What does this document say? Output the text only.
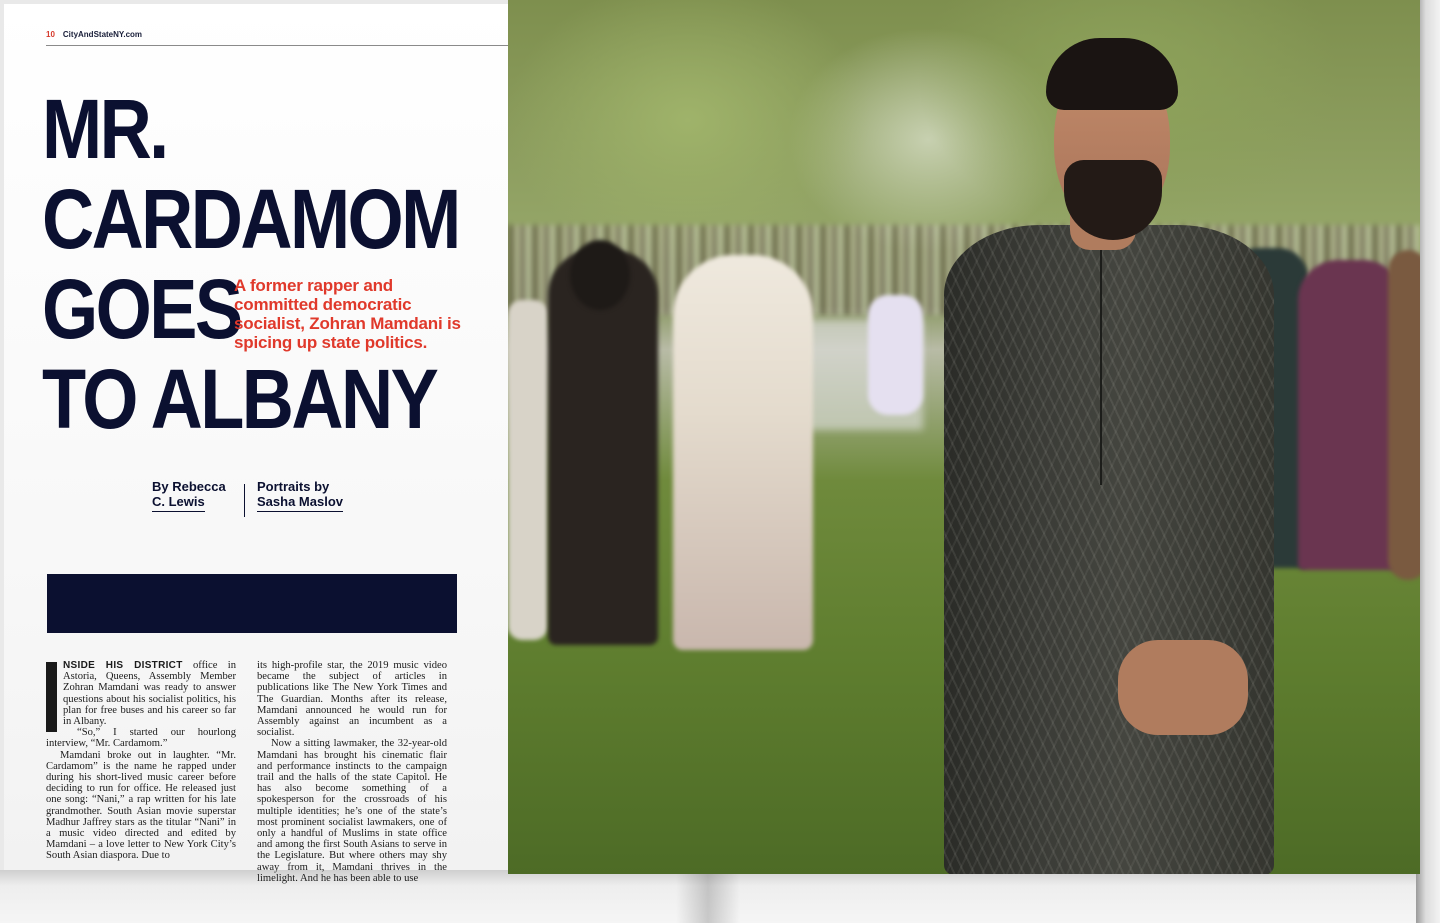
10 CityAndStateNY.com
MR.
CARDAMOM
GOES
TO ALBANY
A former rapper and committed democratic socialist, Zohran Mamdani is spicing up state politics.
By Rebecca
C. Lewis
Portraits by
Sasha Maslov

NSIDE HIS DISTRICT office in Astoria, Queens, Assembly Member Zohran Mamdani was ready to answer questions about his socialist politics, his plan for free buses and his career so far in Albany.

“So,” I started our hourlong interview, “Mr. Cardamom.”

Mamdani broke out in laughter. “Mr. Cardamom” is the name he rapped under during his short-lived music career before deciding to run for office. He released just one song: “Nani,” a rap written for his late grandmother. South Asian movie superstar Madhur Jaffrey stars as the titular “Nani” in a music video directed and edited by Mamdani – a love letter to New York City’s South Asian diaspora. Due to

its high-profile star, the 2019 music video became the subject of articles in publications like The New York Times and The Guardian. Months after its release, Mamdani announced he would run for Assembly against an incumbent as a socialist.

Now a sitting lawmaker, the 32-year-old Mamdani has brought his cinematic flair and performance instincts to the campaign trail and the halls of the state Capitol. He has also become something of a spokesperson for the crossroads of his multiple identities; he’s one of the state’s most prominent socialist lawmakers, one of only a handful of Muslims in state office and among the first South Asians to serve in the Legislature. But where others may shy away from it, Mamdani thrives in the limelight. And he has been able to use
